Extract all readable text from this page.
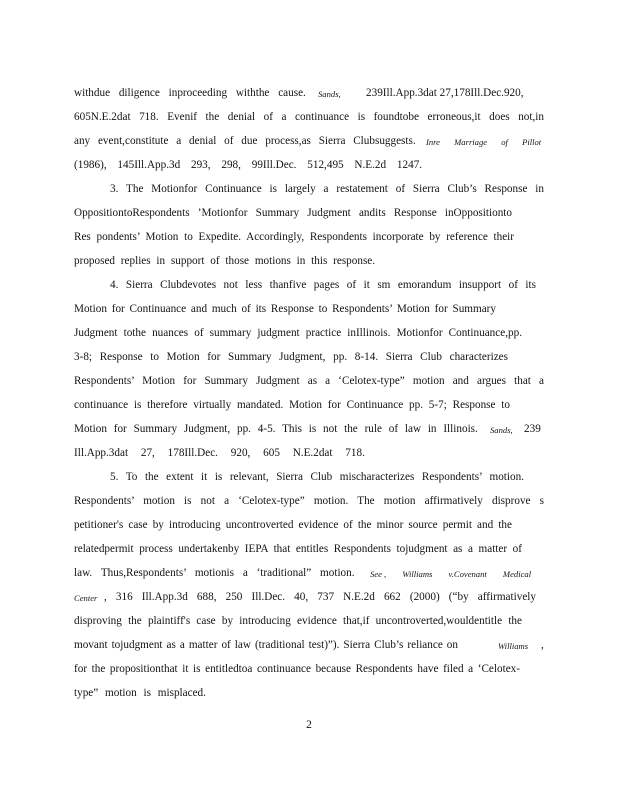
withdue diligence inproceeding withthe cause. Sands, 239Ill.App.3dat 27,178Ill.Dec.920,
605N.E.2dat 718. Evenif the denial of a continuance is foundtobe erroneous,it does not,in
any event,constitute a denial of due process,as Sierra Clubsuggests. Inre Marriage of Pillot
(1986), 145Ill.App.3d 293, 298, 99Ill.Dec. 512,495 N.E.2d 1247.
3. The Motionfor Continuance is largely a restatement of Sierra Club’s Response in
OppositiontoRespondents ’Motionfor Summary Judgment andits Response inOppositionto
Res pondents’ Motion to Expedite. Accordingly, Respondents incorporate by reference their
proposed replies in support of those motions in this response.
4. Sierra Clubdevotes not less thanfive pages of it sm emorandum insupport of its
Motion for Continuance and much of its Response to Respondents’ Motion for Summary
Judgment tothe nuances of summary judgment practice inIllinois. Motionfor Continuance,pp.
3-8; Response to Motion for Summary Judgment, pp. 8-14. Sierra Club characterizes
Respondents’ Motion for Summary Judgment as a ‘Celotex-type” motion and argues that a
continuance is therefore virtually mandated. Motion for Continuance pp. 5-7; Response to
Motion for Summary Judgment, pp. 4-5. This is not the rule of law in Illinois. Sands, 239
Ill.App.3dat 27, 178Ill.Dec. 920, 605 N.E.2dat 718.
5. To the extent it is relevant, Sierra Club mischaracterizes Respondents’ motion.
Respondents’ motion is not a ‘Celotex-type” motion. The motion affirmatively disprove s
petitioner's case by introducing uncontroverted evidence of the minor source permit and the
relatedpermit process undertakenby IEPA that entitles Respondents tojudgment as a matter of
law. Thus,Respondents’ motionis a ‘traditional” motion. See , Williams v.Covenant Medical
Center , 316 Ill.App.3d 688, 250 Ill.Dec. 40, 737 N.E.2d 662 (2000) (“by affirmatively
disproving the plaintiff's case by introducing evidence that,if uncontroverted,wouldentitle the
movant tojudgment as a matter of law (traditional test)”). Sierra Club’s reliance on	Williams ,
for the propositionthat it is entitledtoa continuance because Respondents have filed a ‘Celotex-
type” motion is misplaced.
2
